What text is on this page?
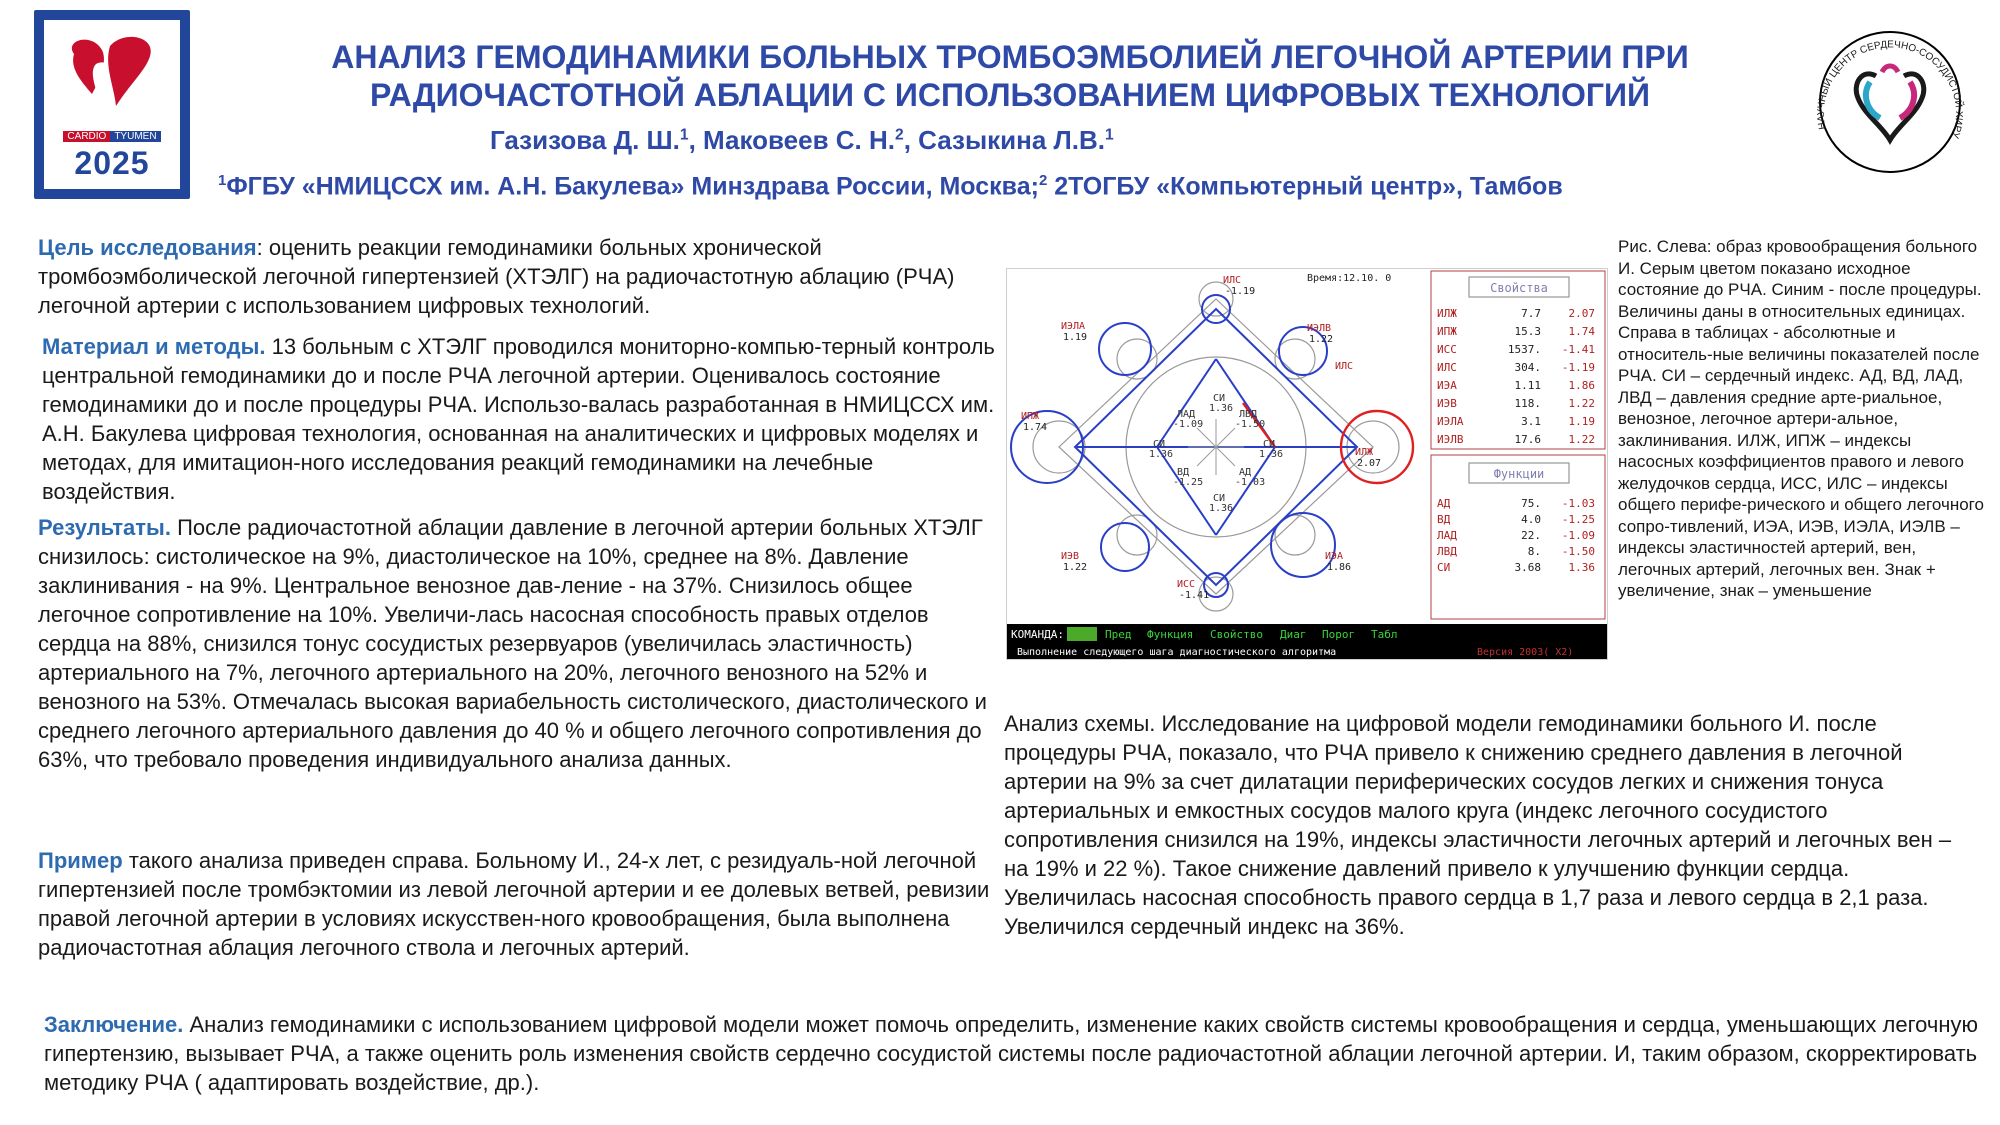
CARDIO TYUMEN
2025
АНАЛИЗ ГЕМОДИНАМИКИ БОЛЬНЫХ ТРОМБОЭМБОЛИЕЙ ЛЕГОЧНОЙ АРТЕРИИ ПРИ
РАДИОЧАСТОТНОЙ АБЛАЦИИ С ИСПОЛЬЗОВАНИЕМ ЦИФРОВЫХ ТЕХНОЛОГИЙ
Газизова Д. Ш.$^1$, Маковеев С. Н.$^2$, Сазыкина Л.В.$^1$
$^1$ФГБУ «НМИЦССХ им. А.Н. Бакулева» Минздрава России, Москва;$^2$ 2ТОГБУ «Компьютерный центр», Тамбов
НАУЧНЫЙ ЦЕНТР СЕРДЕЧНО-СОСУДИСТОЙ ХИРУ
Цель исследования: оценить реакции гемодинамики больных хронической тромбоэмболической легочной гипертензией (ХТЭЛГ) на радиочастотную аблацию (РЧА) легочной артерии с использованием цифровых технологий.
Материал и методы. 13 больным с ХТЭЛГ проводился мониторно-компью-терный контроль центральной гемодинамики до и после РЧА легочной артерии. Оценивалось состояние гемодинамики до и после процедуры РЧА. Использо-валась разработанная в НМИЦССХ им. А.Н. Бакулева цифровая технология, основанная на аналитических и цифровых моделях и методах, для имитацион-ного исследования реакций гемодинамики на лечебные воздействия.
Результаты. После радиочастотной аблации давление в легочной артерии больных ХТЭЛГ снизилось: систолическое на 9%, диастолическое на 10%, среднее на 8%. Давление заклинивания - на 9%. Центральное венозное дав-ление - на 37%. Снизилось общее легочное сопротивление на 10%. Увеличи-лась насосная способность правых отделов сердца на 88%, снизился тонус сосудистых резервуаров (увеличилась эластичность) артериального на 7%, легочного артериального на 20%, легочного венозного на 52% и венозного на 53%. Отмечалась высокая вариабельность систолического, диастолического и среднего легочного артериального давления до 40 % и общего легочного сопротивления до 63%, что требовало проведения индивидуального анализа данных.
Пример такого анализа приведен справа. Больному И., 24-х лет, с резидуаль-ной легочной гипертензией после тромбэктомии из левой легочной артерии и ее долевых ветвей, ревизии правой легочной артерии в условиях искусствен-ного кровообращения, была выполнена радиочастотная аблация легочного ствола и легочных артерий.
Заключение. Анализ гемодинамики с использованием цифровой модели может помочь определить, изменение каких свойств системы кровообращения и сердца, уменьшающих легочную гипертензию, вызывает РЧА, а также оценить роль изменения свойств сердечно сосудистой системы после радиочастотной аблации легочной артерии. И, таким образом, скорректировать методику РЧА ( адаптировать воздействие, др.).
Время:12.10. 0
ИЛС
-1.19
ИЭЛА
1.19
ИЭЛВ
1.22
ИЛС
ИПЖ
1.74
ИЛЖ
2.07
ИЭВ
1.22
ИЭА
1.86
ИСС
-1.41
СИ
1.36
ЛАД
-1.09
ЛВД
-1.50
СИ
1.36
СИ
1.36
ВД
-1.25
АД
-1.03
СИ
1.36
Свойства
Функции
ИЛЖ	7.7	2.07
ИПЖ	15.3	1.74
ИСС	1537. -1.41
ИЛС	304. -1.19
ИЭА	1.11	1.86
ИЭВ	118.	1.22
ИЭЛА	3.1	1.19
ИЭЛВ	17.6	1.22
АД	75. -1.03
ВД	4.0 -1.25
ЛАД	22. -1.09
ЛВД	8. -1.50
СИ	3.68	1.36
КОМАНДА:	Пред Функция Свойство Диаг Порог Табл
Выполнение следующего шага диагностического алгоритма	Версия 2003( X2)
Рис. Слева: образ кровообращения больного И. Серым цветом показано исходное состояние до РЧА. Синим - после процедуры. Величины даны в относительных единицах. Справа в таблицах - абсолютные и относитель-ные величины показателей после РЧА. СИ – сердечный индекс. АД, ВД, ЛАД, ЛВД – давления средние арте-риальное, венозное, легочное артери-альное, заклинивания. ИЛЖ, ИПЖ – индексы насосных коэффициентов правого и левого желудочков сердца, ИСС, ИЛС – индексы общего перифе-рического и общего легочного сопро-тивлений, ИЭА, ИЭВ, ИЭЛА, ИЭЛВ – индексы эластичностей артерий, вен, легочных артерий, легочных вен. Знак + увеличение, знак – уменьшение
Анализ схемы. Исследование на цифровой модели гемодинамики больного И. после процедуры РЧА, показало, что РЧА привело к снижению среднего давления в легочной артерии на 9% за счет дилатации периферических сосудов легких и снижения тонуса артериальных и емкостных сосудов малого круга (индекс легочного сосудистого сопротивления снизился на 19%, индексы эластичности легочных артерий и легочных вен – на 19% и 22 %). Такое снижение давлений привело к улучшению функции сердца. Увеличилась насосная способность правого сердца в 1,7 раза и левого сердца в 2,1 раза. Увеличился сердечный индекс на 36%.
